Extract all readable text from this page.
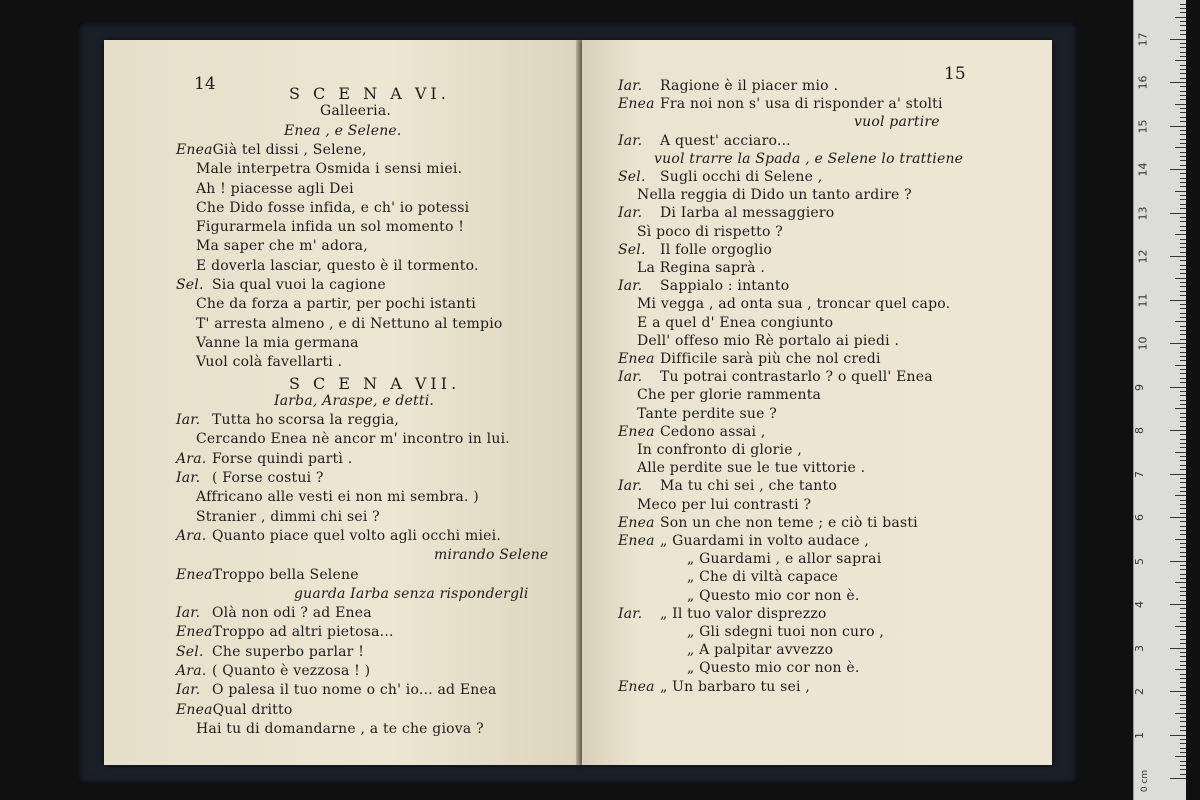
14	S C E N A VI.
Galleeria.
Enea , e Selene.
EneaGià tel dissi , Selene,
Male interpetra Osmida i sensi miei.
Ah ! piacesse agli Dei
Che Dido fosse infida, e ch' io potessi
Figurarmela infida un sol momento !
Ma saper che m' adora,
E doverla lasciar, questo è il tormento.
Sel. Sia qual vuoi la cagione
Che da forza a partir, per pochi istanti
T' arresta almeno , e di Nettuno al tempio
Vanne la mia germana
Vuol colà favellarti .
S C E N A VII.
Iarba, Araspe, e detti.
Iar. Tutta ho scorsa la reggia,
Cercando Enea nè ancor m' incontro in lui.
Ara. Forse quindi partì .
Iar. ( Forse costui ?
Affricano alle vesti ei non mi sembra. )
Stranier , dimmi chi sei ?
Ara. Quanto piace quel volto agli occhi miei.
mirando Selene
EneaTroppo bella Selene
guarda Iarba senza rispondergli
Iar. Olà non odi ? ad Enea
EneaTroppo ad altri pietosa...
Sel. Che superbo parlar !
Ara. ( Quanto è vezzosa ! )
Iar. O palesa il tuo nome o ch' io... ad Enea
EneaQual dritto
Hai tu di domandarne , a te che giova ?
15
Iar. Ragione è il piacer mio .
Enea Fra noi non s' usa di risponder a' stolti
vuol partire
Iar. A quest' acciaro...
vuol trarre la Spada , e Selene lo trattiene
Sel. Sugli occhi di Selene ,
Nella reggia di Dido un tanto ardire ?
Iar. Di Iarba al messaggiero
Sì poco di rispetto ?
Sel. Il folle orgoglio
La Regina saprà .
Iar. Sappialo : intanto
Mi vegga , ad onta sua , troncar quel capo.
E a quel d' Enea congiunto
Dell' offeso mio Rè portalo ai piedi .
Enea Difficile sarà più che nol credi
Iar. Tu potrai contrastarlo ? o quell' Enea
Che per glorie rammenta
Tante perdite sue ?
Enea Cedono assai ,
In confronto di glorie ,
Alle perdite sue le tue vittorie .
Iar. Ma tu chi sei , che tanto
Meco per lui contrasti ?
Enea Son un che non teme ; e ciò ti basti
Enea „ Guardami in volto audace ,
„ Guardami , e allor saprai
„ Che di viltà capace
„ Questo mio cor non è.
Iar. „ Il tuo valor disprezzo
„ Gli sdegni tuoi non curo ,
„ A palpitar avvezzo
„ Questo mio cor non è.
Enea „ Un barbaro tu sei ,
0 cm
1
2
3
4
5
6
7
8
9
10
11
12
13
14
15
16
17
